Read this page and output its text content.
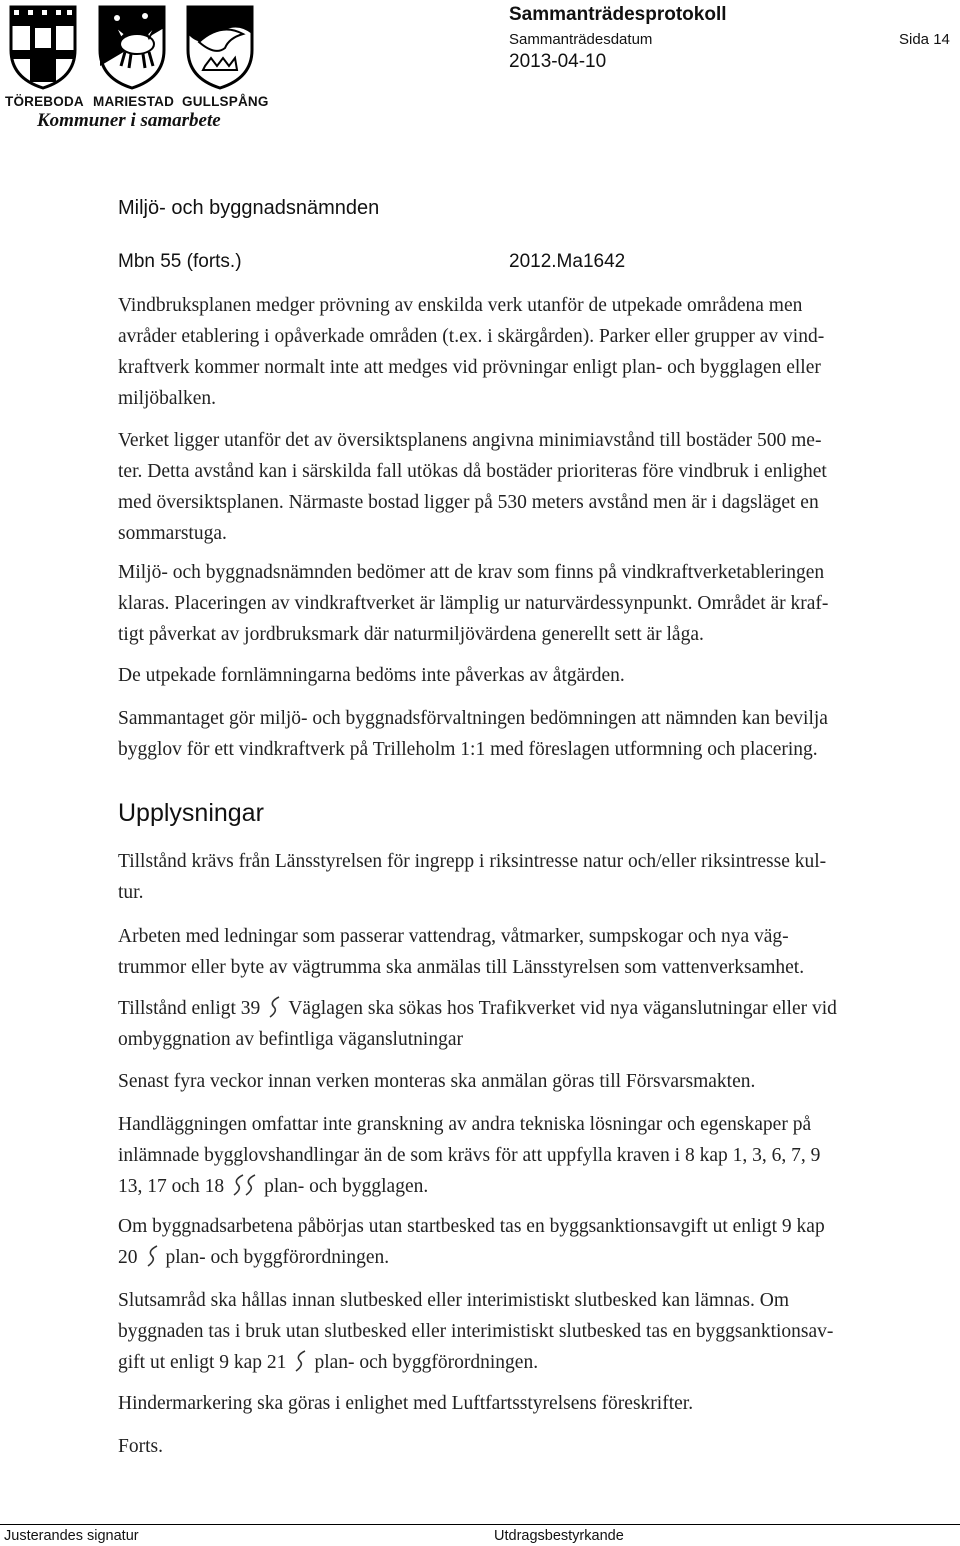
TÖREBODA MARIESTAD GULLSPÅNG
Kommuner i samarbete
Sammanträdesprotokoll
Sammanträdesdatum
2013-04-10
Sida 14
Miljö- och byggnadsnämnden
Mbn 55 (forts.)	2012.Ma1642
Vindbruksplanen medger prövning av enskilda verk utanför de utpekade områdena men
avråder etablering i opåverkade områden (t.ex. i skärgården). Parker eller grupper av vind-
kraftverk kommer normalt inte att medges vid prövningar enligt plan- och bygglagen eller
miljöbalken.
Verket ligger utanför det av översiktsplanens angivna minimiavstånd till bostäder 500 me-
ter. Detta avstånd kan i särskilda fall utökas då bostäder prioriteras före vindbruk i enlighet
med översiktsplanen. Närmaste bostad ligger på 530 meters avstånd men är i dagsläget en
sommarstuga.
Miljö- och byggnadsnämnden bedömer att de krav som finns på vindkraftverketableringen
klaras. Placeringen av vindkraftverket är lämplig ur naturvärdessynpunkt. Området är kraf-
tigt påverkat av jordbruksmark där naturmiljövärdena generellt sett är låga.
De utpekade fornlämningarna bedöms inte påverkas av åtgärden.
Sammantaget gör miljö- och byggnadsförvaltningen bedömningen att nämnden kan bevilja
bygglov för ett vindkraftverk på Trilleholm 1:1 med föreslagen utformning och placering.
Upplysningar
Tillstånd krävs från Länsstyrelsen för ingrepp i riksintresse natur och/eller riksintresse kul-
tur.
Arbeten med ledningar som passerar vattendrag, våtmarker, sumpskogar och nya väg-
trummor eller byte av vägtrumma ska anmälas till Länsstyrelsen som vattenverksamhet.
Tillstånd enligt 39 Väglagen ska sökas hos Trafikverket vid nya väganslutningar eller vid
ombyggnation av befintliga väganslutningar
Senast fyra veckor innan verken monteras ska anmälan göras till Försvarsmakten.
Handläggningen omfattar inte granskning av andra tekniska lösningar och egenskaper på
inlämnade bygglovshandlingar än de som krävs för att uppfylla kraven i 8 kap 1, 3, 6, 7, 9
13, 17 och 18 plan- och bygglagen.
Om byggnadsarbetena påbörjas utan startbesked tas en byggsanktionsavgift ut enligt 9 kap
20 plan- och byggförordningen.
Slutsamråd ska hållas innan slutbesked eller interimistiskt slutbesked kan lämnas. Om
byggnaden tas i bruk utan slutbesked eller interimistiskt slutbesked tas en byggsanktionsav-
gift ut enligt 9 kap 21 plan- och byggförordningen.
Hindermarkering ska göras i enlighet med Luftfartsstyrelsens föreskrifter.
Forts.
Justerandes signatur	Utdragsbestyrkande
